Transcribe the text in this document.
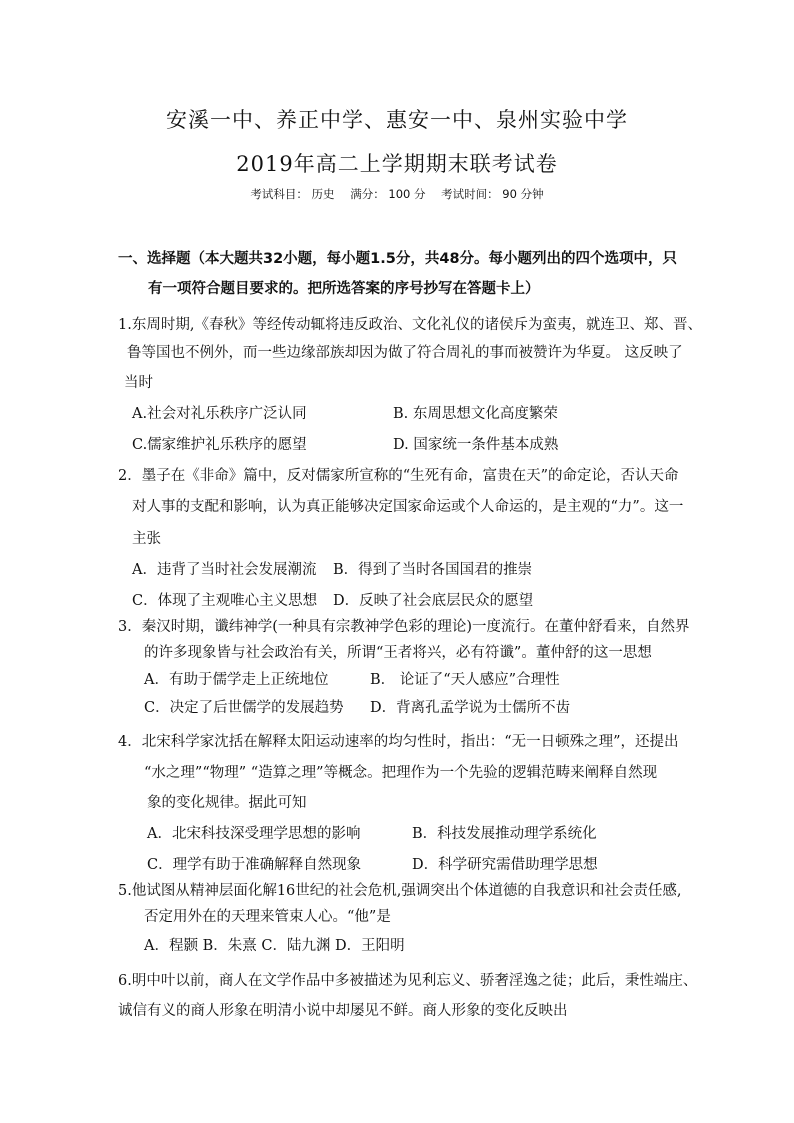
安溪一中、养正中学、惠安一中、泉州实验中学
2019年高二上学期期末联考试卷
考试科目： 历史 满分： 100 分 考试时间： 90 分钟
一、选择题（本大题共32小题，每小题1.5分，共48分。每小题列出的四个选项中，只
有一项符合题目要求的。把所选答案的序号抄写在答题卡上）
1.东周时期,《春秋》等经传动辄将违反政治、文化礼仪的诸侯斥为蛮夷，就连卫、郑、晋、
鲁等国也不例外，而一些边缘部族却因为做了符合周礼的事而被赞许为华夏。 这反映了
当时
A.社会对礼乐秩序广泛认同	B. 东周思想文化高度繁荣
C.儒家维护礼乐秩序的愿望	D. 国家统一条件基本成熟
2．墨子在《非命》篇中，反对儒家所宣称的“生死有命，富贵在天”的命定论，否认天命
对人事的支配和影响，认为真正能够决定国家命运或个人命运的，是主观的“力”。这一
主张
A．违背了当时社会发展潮流 B．得到了当时各国国君的推崇
C．体现了主观唯心主义思想 D．反映了社会底层民众的愿望
3．秦汉时期，谶纬神学(一种具有宗教神学色彩的理论)一度流行。在董仲舒看来，自然界
的许多现象皆与社会政治有关，所谓“王者将兴，必有符谶”。董仲舒的这一思想
A．有助于儒学走上正统地位	B． 论证了“天人感应”合理性
C．决定了后世儒学的发展趋势 D．背离孔孟学说为士儒所不齿
4．北宋科学家沈括在解释太阳运动速率的均匀性时，指出：“无一日顿殊之理”，还提出
“水之理”“物理” “造算之理”等概念。把理作为一个先验的逻辑范畴来阐释自然现
象的变化规律。据此可知
A．北宋科技深受理学思想的影响	B．科技发展推动理学系统化
C．理学有助于准确解释自然现象	D．科学研究需借助理学思想
5.他试图从精神层面化解16世纪的社会危机,强调突出个体道德的自我意识和社会责任感,
否定用外在的天理来管束人心。“他”是
A．程颢 B．朱熹 C．陆九渊 D．王阳明
6.明中叶以前，商人在文学作品中多被描述为见利忘义、骄奢淫逸之徒；此后，秉性端庄、
诚信有义的商人形象在明清小说中却屡见不鲜。商人形象的变化反映出
